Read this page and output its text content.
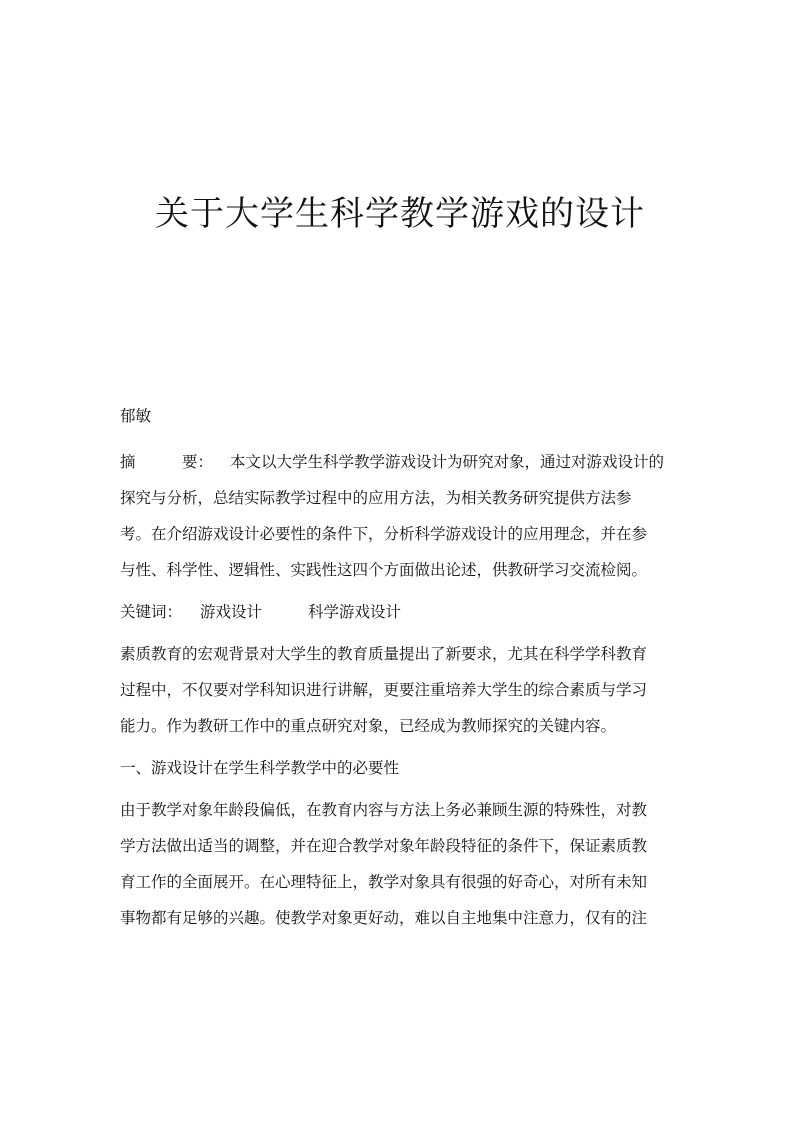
关于大学生科学教学游戏的设计
郁敏
摘　　　要： 本文以大学生科学教学游戏设计为研究对象，通过对游戏设计的
探究与分析，总结实际教学过程中的应用方法，为相关教务研究提供方法参
考。在介绍游戏设计必要性的条件下，分析科学游戏设计的应用理念，并在参
与性、科学性、逻辑性、实践性这四个方面做出论述，供教研学习交流检阅。
关键词： 游戏设计	科学游戏设计
素质教育的宏观背景对大学生的教育质量提出了新要求，尤其在科学学科教育
过程中，不仅要对学科知识进行讲解，更要注重培养大学生的综合素质与学习
能力。作为教研工作中的重点研究对象，已经成为教师探究的关键内容。
一、游戏设计在学生科学教学中的必要性
由于教学对象年龄段偏低，在教育内容与方法上务必兼顾生源的特殊性，对教
学方法做出适当的调整，并在迎合教学对象年龄段特征的条件下，保证素质教
育工作的全面展开。在心理特征上，教学对象具有很强的好奇心，对所有未知
事物都有足够的兴趣。使教学对象更好动，难以自主地集中注意力，仅有的注
